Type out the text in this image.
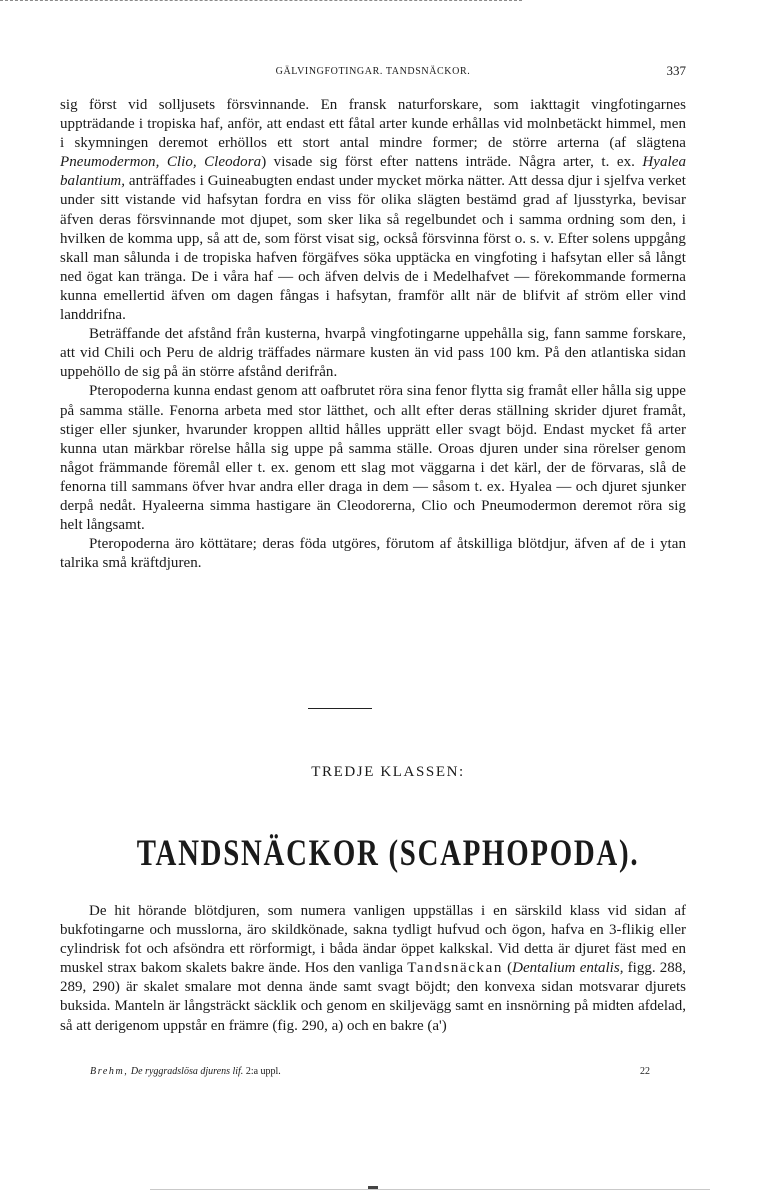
GÄLVINGFOTINGAR. TANDSNÄCKOR.	337

sig först vid solljusets försvinnande. En fransk naturforskare, som iakttagit vingfotingarnes uppträdande i tropiska haf, anför, att endast ett fåtal arter kunde erhållas vid molnbetäckt himmel, men i skymningen deremot erhöllos ett stort antal mindre former; de större arterna (af slägtena Pneumodermon, Clio, Cleodora) visade sig först efter nattens inträde. Några arter, t. ex. Hyalea balantium, anträffades i Guineabugten endast under mycket mörka nätter. Att dessa djur i sjelfva verket under sitt vistande vid hafsytan fordra en viss för olika slägten bestämd grad af ljusstyrka, bevisar äfven deras försvinnande mot djupet, som sker lika så regelbundet och i samma ordning som den, i hvilken de komma upp, så att de, som först visat sig, också försvinna först o. s. v. Efter solens uppgång skall man sålunda i de tropiska hafven förgäfves söka upptäcka en vingfoting i hafsytan eller så långt ned ögat kan tränga. De i våra haf — och äfven delvis de i Medelhafvet — förekommande formerna kunna emellertid äfven om dagen fångas i hafsytan, framför allt när de blifvit af ström eller vind landdrifna.

Beträffande det afstånd från kusterna, hvarpå vingfotingarne uppehålla sig, fann samme forskare, att vid Chili och Peru de aldrig träffades närmare kusten än vid pass 100 km. På den atlantiska sidan uppehöllo de sig på än större afstånd derifrån.

Pteropoderna kunna endast genom att oafbrutet röra sina fenor flytta sig framåt eller hålla sig uppe på samma ställe. Fenorna arbeta med stor lätthet, och allt efter deras ställning skrider djuret framåt, stiger eller sjunker, hvarunder kroppen alltid hålles upprätt eller svagt böjd. Endast mycket få arter kunna utan märkbar rörelse hålla sig uppe på samma ställe. Oroas djuren under sina rörelser genom något främmande föremål eller t. ex. genom ett slag mot väggarna i det kärl, der de förvaras, slå de fenorna till sammans öfver hvar andra eller draga in dem — såsom t. ex. Hyalea — och djuret sjunker derpå nedåt. Hyaleerna simma hastigare än Cleodorerna, Clio och Pneumodermon deremot röra sig helt långsamt.

Pteropoderna äro köttätare; deras föda utgöres, förutom af åtskilliga blötdjur, äfven af de i ytan talrika små kräftdjuren.

TREDJE KLASSEN:
TANDSNÄCKOR (SCAPHOPODA).

De hit hörande blötdjuren, som numera vanligen uppställas i en särskild klass vid sidan af bukfotingarne och musslorna, äro skildkönade, sakna tydligt hufvud och ögon, hafva en 3-flikig eller cylindrisk fot och afsöndra ett rörformigt, i båda ändar öppet kalkskal. Vid detta är djuret fäst med en muskel strax bakom skalets bakre ände. Hos den vanliga Tandsnäckan (Dentalium entalis, figg. 288, 289, 290) är skalet smalare mot denna ände samt svagt böjdt; den konvexa sidan motsvarar djurets buksida. Manteln är långsträckt säcklik och genom en skiljevägg samt en insnörning på midten afdelad, så att derigenom uppstår en främre (fig. 290, a) och en bakre (a')

Brehm, De ryggradslösa djurens lif. 2:a uppl.	22
